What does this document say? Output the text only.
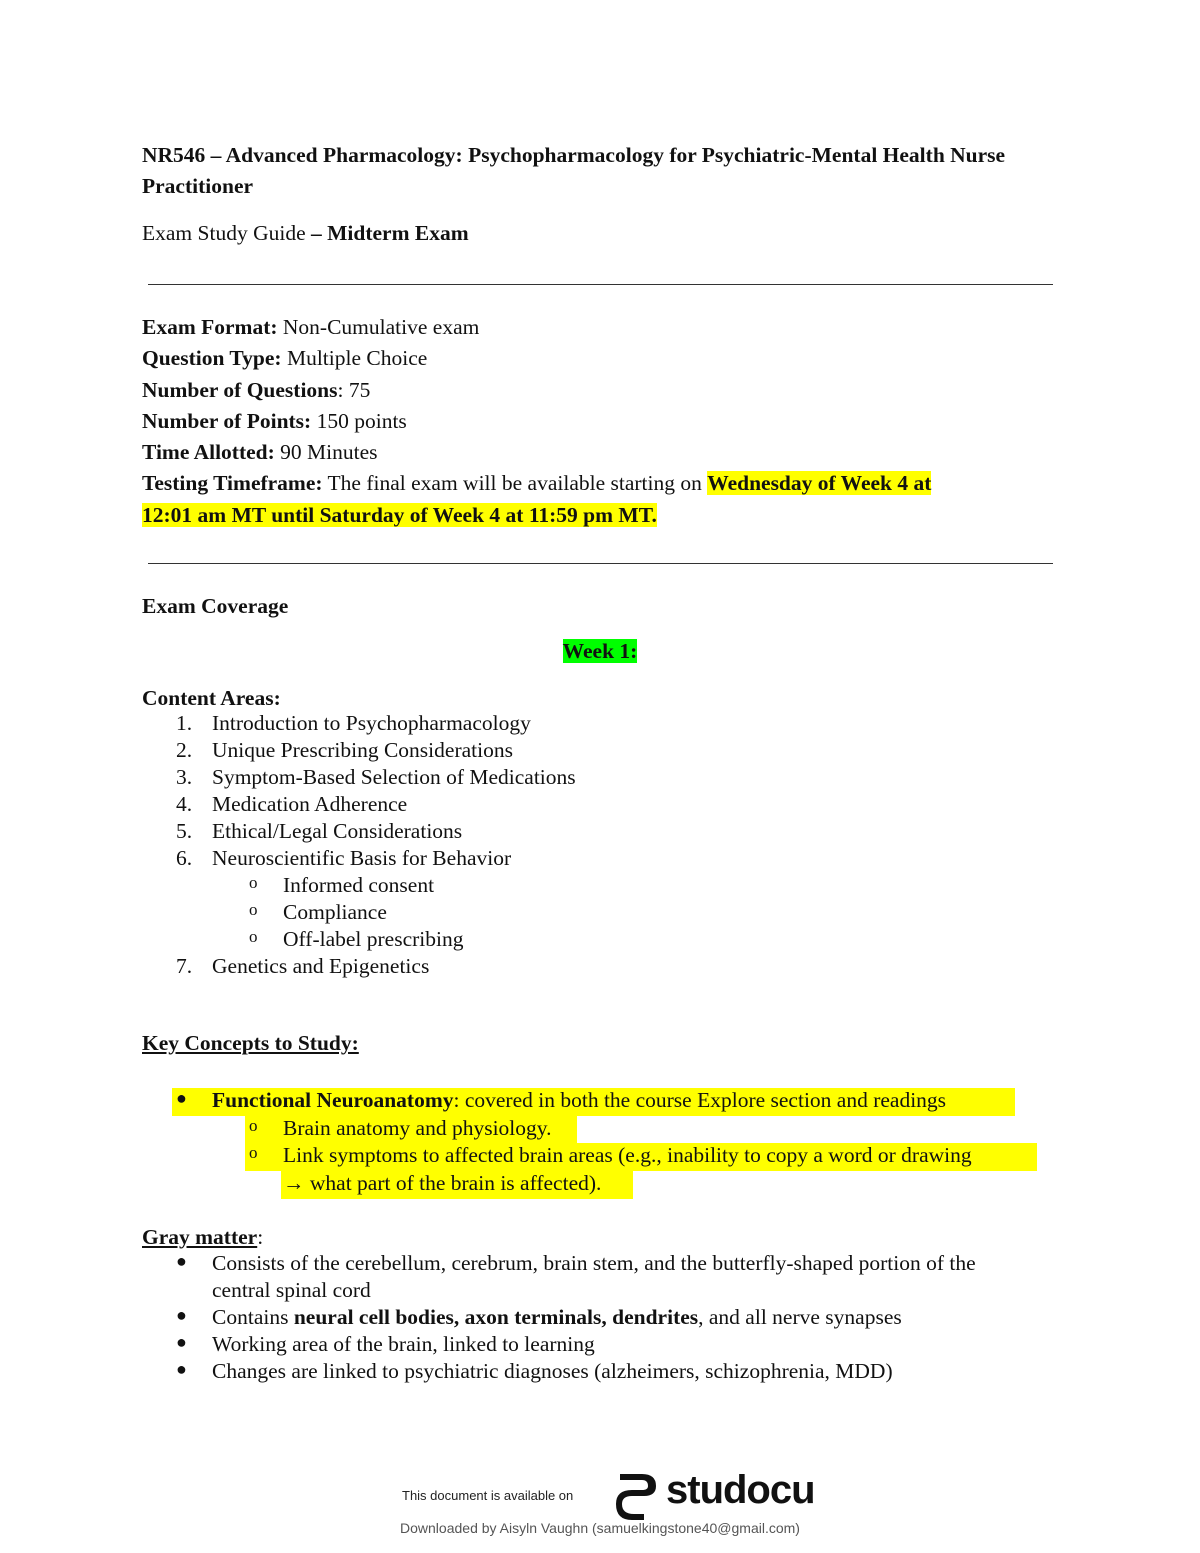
NR546 – Advanced Pharmacology: Psychopharmacology for Psychiatric-Mental Health Nurse Practitioner
Exam Study Guide – Midterm Exam
Exam Format: Non-Cumulative exam
Question Type: Multiple Choice
Number of Questions: 75
Number of Points: 150 points
Time Allotted: 90 Minutes
Testing Timeframe: The final exam will be available starting on Wednesday of Week 4 at
12:01 am MT until Saturday of Week 4 at 11:59 pm MT.
Exam Coverage
Week 1:
Content Areas:
1. Introduction to Psychopharmacology
2. Unique Prescribing Considerations
3. Symptom-Based Selection of Medications
4. Medication Adherence
5. Ethical/Legal Considerations
6. Neuroscientific Basis for Behavior
o Informed consent
o Compliance
o Off-label prescribing
7. Genetics and Epigenetics
Key Concepts to Study:
● Functional Neuroanatomy: covered in both the course Explore section and readings
o Brain anatomy and physiology.
o Link symptoms to affected brain areas (e.g., inability to copy a word or drawing
→ what part of the brain is affected).
Gray matter:
● Consists of the cerebellum, cerebrum, brain stem, and the butterfly-shaped portion of the
central spinal cord
● Contains neural cell bodies, axon terminals, dendrites, and all nerve synapses
● Working area of the brain, linked to learning
● Changes are linked to psychiatric diagnoses (alzheimers, schizophrenia, MDD)
This document is available on studocu
Downloaded by Aisyln Vaughn (samuelkingstone40@gmail.com)
